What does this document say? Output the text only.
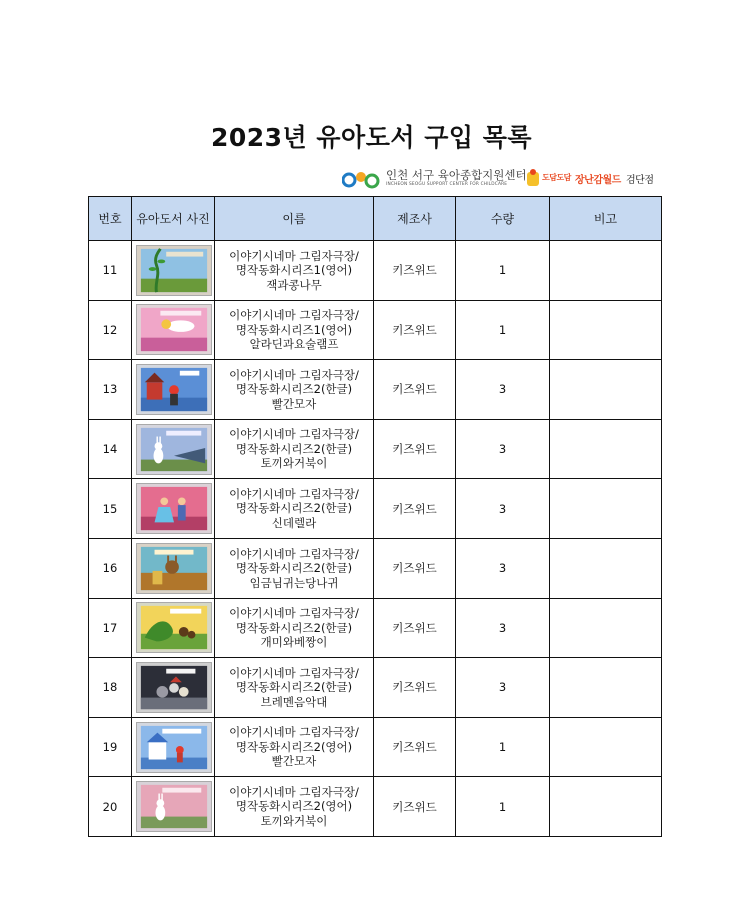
2023년 유아도서 구입 목록
인천 서구 육아종합지원센터
INCHEON SEOGU SUPPORT CENTER FOR CHILDCARE
도담도담 장난감월드 검단점
번호	유아도서 사진	이름	제조사	수량	비고
11		이야기시네마 그림자극장/
명작동화시리즈1(영어)
잭과콩나무	키즈위드	1	
12		이야기시네마 그림자극장/
명작동화시리즈1(영어)
알라딘과요술램프	키즈위드	1	
13		이야기시네마 그림자극장/
명작동화시리즈2(한글)
빨간모자	키즈위드	3	
14		이야기시네마 그림자극장/
명작동화시리즈2(한글)
토끼와거북이	키즈위드	3	
15		이야기시네마 그림자극장/
명작동화시리즈2(한글)
신데렐라	키즈위드	3	
16		이야기시네마 그림자극장/
명작동화시리즈2(한글)
임금님귀는당나귀	키즈위드	3	
17		이야기시네마 그림자극장/
명작동화시리즈2(한글)
개미와베짱이	키즈위드	3	
18		이야기시네마 그림자극장/
명작동화시리즈2(한글)
브레멘음악대	키즈위드	3	
19		이야기시네마 그림자극장/
명작동화시리즈2(영어)
빨간모자	키즈위드	1	
20		이야기시네마 그림자극장/
명작동화시리즈2(영어)
토끼와거북이	키즈위드	1	
